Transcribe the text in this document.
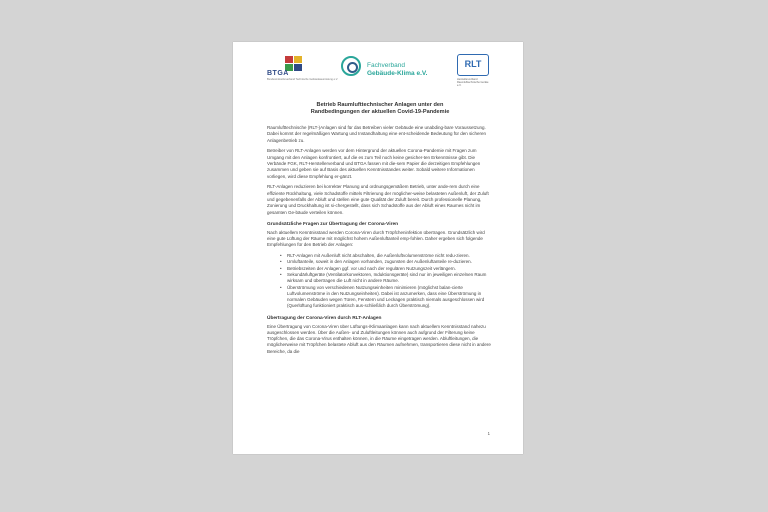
BTGA
Bundesindustrieverband Technische Gebäudeausrüstung e.V.
Fachverband
Gebäude-Klima e.V.
RLT
Herstellerverband Raumlufttechnische Geräte e.V.
Betrieb Raumlufttechnischer Anlagen unter den
Randbedingungen der aktuellen Covid-19-Pandemie

Raumlufttechnische (RLT-)Anlagen sind für das Betreiben vieler Gebäude eine unabding-bare Voraussetzung. Dabei kommt der regelmäßigen Wartung und Instandhaltung eine ent-scheidende Bedeutung für den sicheren Anlagenbetrieb zu.

Betreiber von RLT-Anlagen werden vor dem Hintergrund der aktuellen Corona-Pandemie mit Fragen zum Umgang mit den Anlagen konfrontiert, auf die es zum Teil noch keine gesicher-ten Erkenntnisse gibt. Die Verbände FGK, RLT-Herstellerverband und BTGA fassen mit die-sem Papier die derzeitigen Empfehlungen zusammen und geben sie auf Basis des aktuellen Kenntnisstandes weiter. Sobald weitere Informationen vorliegen, wird diese Empfehlung er-gänzt.

RLT-Anlagen reduzieren bei korrekter Planung und ordnungsgemäßem Betrieb, unter ande-rem durch eine effiziente Rückhaltung, viele Schadstoffe mittels Filtrierung der möglicher-weise belasteten Außenluft, der Zuluft und gegebenenfalls der Abluft und stellen eine gute Qualität der Zuluft bereit. Durch professionelle Planung, Zonierung und Druckhaltung ist si-chergestellt, dass sich Schadstoffe aus der Abluft eines Raumes nicht im gesamten Ge-bäude verteilen können.

Grundsätzliche Fragen zur Übertragung der Corona-Viren

Nach aktuellem Kenntnisstand werden Corona-Viren durch Tröpfcheninfektion übertragen. Grundsätzlich wird eine gute Lüftung der Räume mit möglichst hohem Außenluftanteil emp-fohlen. Daher ergeben sich folgende Empfehlungen für den Betrieb der Anlagen:

• RLT-Anlagen mit Außenluft nicht abschalten, die Außenluftvolumenströme nicht redu-zieren.
• Umluftanteile, soweit in den Anlagen vorhanden, zugunsten der Außenluftanteile re-duzieren.
• Betriebszeiten der Anlagen ggf. vor und nach der regulären Nutzungszeit verlängern.
• Sekundärluftgeräte (Ventilatorkonvektoren, Induktionsgeräte) sind nur im jeweiligen einzelnen Raum wirksam und übertragen die Luft nicht in andere Räume.
• Überströmung von verschiedenen Nutzungseinheiten minimieren (möglichst balan-cierte Luftvolumenströme in den Nutzungseinheiten). Dabei ist anzumerken, dass eine Überströmung in normalen Gebäuden wegen Türen, Fenstern und Leckagen praktisch niemals ausgeschlossen wird (Querlüftung funktioniert praktisch aus-schließlich durch Überströmung).
Übertragung der Corona-Viren durch RLT-Anlagen

Eine Übertragung von Corona-Viren über Lüftungs-/Klimaanlagen kann nach aktuellem Kenntnisstand nahezu ausgeschlossen werden. Über die Außen- und Zuluftleitungen können auch aufgrund der Filterung keine Tröpfchen, die das Corona-Virus enthalten können, in die Räume eingetragen werden. Abluftleitungen, die möglicherweise mit Tröpfchen belastete Abluft aus den Räumen aufnehmen, transportieren diese nicht in andere Bereiche, da die

1
